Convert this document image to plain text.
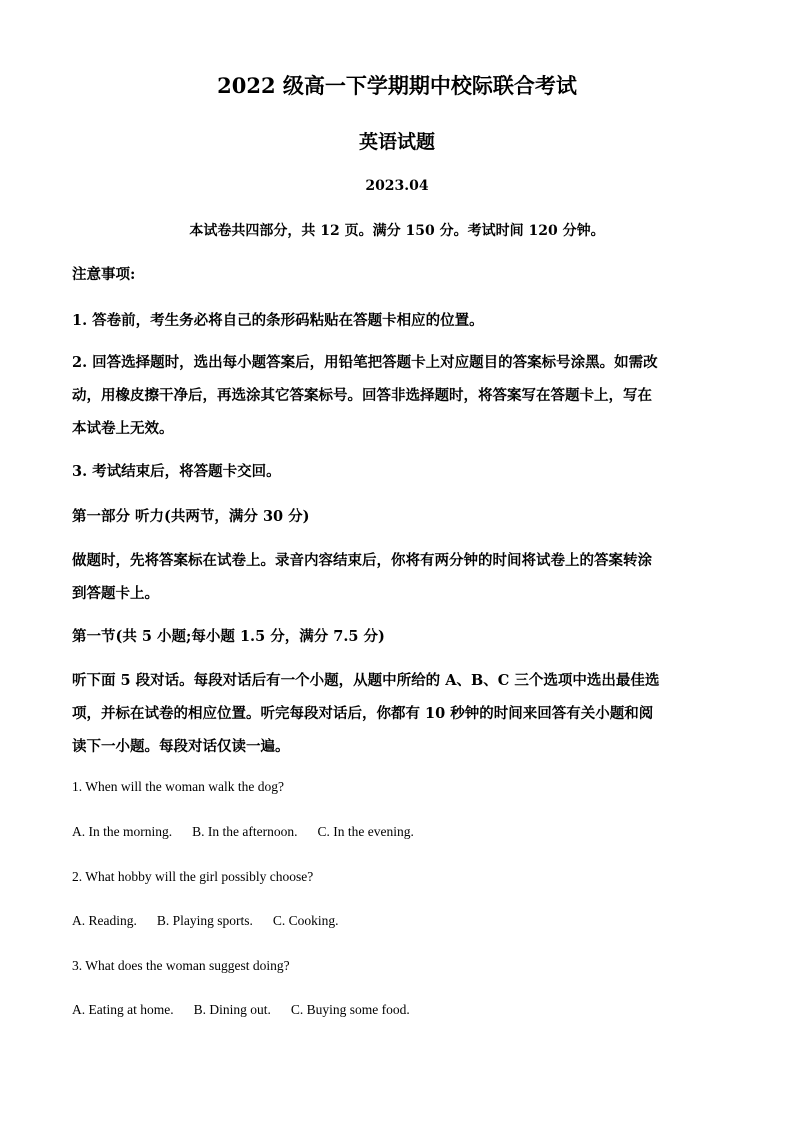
2022 级高一下学期期中校际联合考试
英语试题
2023.04
本试卷共四部分，共 12 页。满分 150 分。考试时间 120 分钟。

注意事项:

1. 答卷前，考生务必将自己的条形码粘贴在答题卡相应的位置。

2. 回答选择题时，选出每小题答案后，用铅笔把答题卡上对应题目的答案标号涂黑。如需改
动，用橡皮擦干净后，再选涂其它答案标号。回答非选择题时，将答案写在答题卡上，写在
本试卷上无效。

3. 考试结束后，将答题卡交回。

第一部分 听力(共两节，满分 30 分)

做题时，先将答案标在试卷上。录音内容结束后，你将有两分钟的时间将试卷上的答案转涂
到答题卡上。

第一节(共 5 小题;每小题 1.5 分，满分 7.5 分)

听下面 5 段对话。每段对话后有一个小题，从题中所给的 A、B、C 三个选项中选出最佳选
项，并标在试卷的相应位置。听完每段对话后，你都有 10 秒钟的时间来回答有关小题和阅
读下一小题。每段对话仅读一遍。

1. When will the woman walk the dog?

A. In the morning. B. In the afternoon. C. In the evening.

2. What hobby will the girl possibly choose?

A. Reading. B. Playing sports. C. Cooking.

3. What does the woman suggest doing?

A. Eating at home. B. Dining out. C. Buying some food.
